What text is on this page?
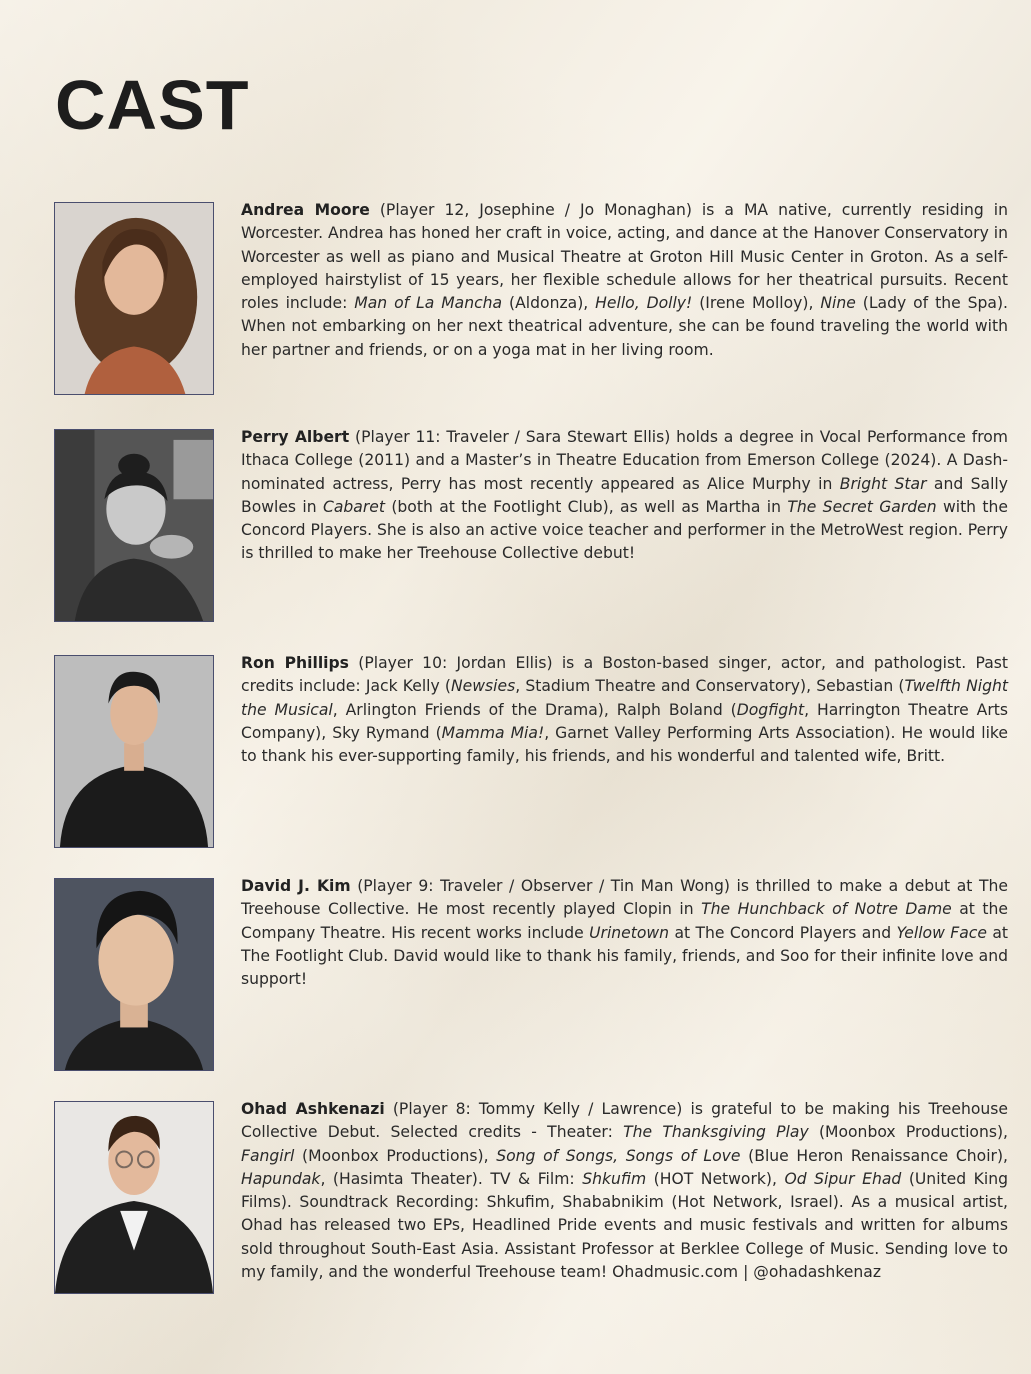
CAST

Andrea Moore (Player 12, Josephine / Jo Monaghan) is a MA native, currently residing in Worcester. Andrea has honed her craft in voice, acting, and dance at the Hanover Conservatory in Worcester as well as piano and Musical Theatre at Groton Hill Music Center in Groton. As a self-employed hairstylist of 15 years, her flexible schedule allows for her theatrical pursuits. Recent roles include: Man of La Mancha (Aldonza), Hello, Dolly! (Irene Molloy), Nine (Lady of the Spa). When not embarking on her next theatrical adventure, she can be found traveling the world with her partner and friends, or on a yoga mat in her living room.

Perry Albert (Player 11: Traveler / Sara Stewart Ellis) holds a degree in Vocal Performance from Ithaca College (2011) and a Master’s in Theatre Education from Emerson College (2024). A Dash-nominated actress, Perry has most recently appeared as Alice Murphy in Bright Star and Sally Bowles in Cabaret (both at the Footlight Club), as well as Martha in The Secret Garden with the Concord Players. She is also an active voice teacher and performer in the MetroWest region. Perry is thrilled to make her Treehouse Collective debut!

Ron Phillips (Player 10: Jordan Ellis) is a Boston-based singer, actor, and pathologist. Past credits include: Jack Kelly (Newsies, Stadium Theatre and Conservatory), Sebastian (Twelfth Night the Musical, Arlington Friends of the Drama), Ralph Boland (Dogfight, Harrington Theatre Arts Company), Sky Rymand (Mamma Mia!, Garnet Valley Performing Arts Association). He would like to thank his ever-supporting family, his friends, and his wonderful and talented wife, Britt.

David J. Kim (Player 9: Traveler / Observer / Tin Man Wong) is thrilled to make a debut at The Treehouse Collective. He most recently played Clopin in The Hunchback of Notre Dame at the Company Theatre. His recent works include Urinetown at The Concord Players and Yellow Face at The Footlight Club. David would like to thank his family, friends, and Soo for their infinite love and support!

Ohad Ashkenazi (Player 8: Tommy Kelly / Lawrence) is grateful to be making his Treehouse Collective Debut. Selected credits - Theater: The Thanksgiving Play (Moonbox Productions), Fangirl (Moonbox Productions), Song of Songs, Songs of Love (Blue Heron Renaissance Choir), Hapundak, (Hasimta Theater). TV & Film: Shkufim (HOT Network), Od Sipur Ehad (United King Films). Soundtrack Recording: Shkufim, Shababnikim (Hot Network, Israel). As a musical artist, Ohad has released two EPs, Headlined Pride events and music festivals and written for albums sold throughout South-East Asia. Assistant Professor at Berklee College of Music. Sending love to my family, and the wonderful Treehouse team! Ohadmusic.com | @ohadashkenaz
